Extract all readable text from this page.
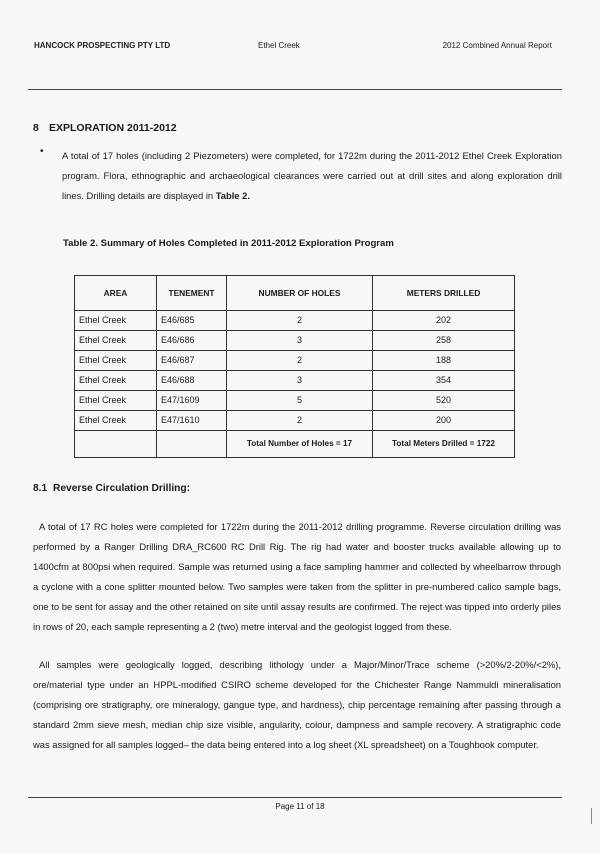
HANCOCK PROSPECTING PTY LTD	Ethel Creek	2012 Combined Annual Report
8 EXPLORATION 2011-2012
• A total of 17 holes (including 2 Piezometers) were completed, for 1722m during the 2011-2012 Ethel Creek Exploration program. Flora, ethnographic and archaeological clearances were carried out at drill sites and along exploration drill lines. Drilling details are displayed in Table 2.
Table 2. Summary of Holes Completed in 2011-2012 Exploration Program
AREA	TENEMENT	NUMBER OF HOLES	METERS DRILLED
Ethel Creek	E46/685	2	202
Ethel Creek	E46/686	3	258
Ethel Creek	E46/687	2	188
Ethel Creek	E46/688	3	354
Ethel Creek	E47/1609	5	520
Ethel Creek	E47/1610	2	200
		Total Number of Holes = 17	Total Meters Drilled = 1722
8.1 Reverse Circulation Drilling:
A total of 17 RC holes were completed for 1722m during the 2011-2012 drilling programme. Reverse circulation drilling was performed by a Ranger Drilling DRA_RC600 RC Drill Rig. The rig had water and booster trucks available allowing up to 1400cfm at 800psi when required. Sample was returned using a face sampling hammer and collected by wheelbarrow through a cyclone with a cone splitter mounted below. Two samples were taken from the splitter in pre-numbered calico sample bags, one to be sent for assay and the other retained on site until assay results are confirmed. The reject was tipped into orderly piles in rows of 20, each sample representing a 2 (two) metre interval and the geologist logged from these.
All samples were geologically logged, describing lithology under a Major/Minor/Trace scheme (>20%/2-20%/<2%), ore/material type under an HPPL-modified CSIRO scheme developed for the Chichester Range Nammuldi mineralisation (comprising ore stratigraphy, ore mineralogy, gangue type, and hardness), chip percentage remaining after passing through a standard 2mm sieve mesh, median chip size visible, angularity, colour, dampness and sample recovery. A stratigraphic code was assigned for all samples logged– the data being entered into a log sheet (XL spreadsheet) on a Toughbook computer.
Page 11 of 18
